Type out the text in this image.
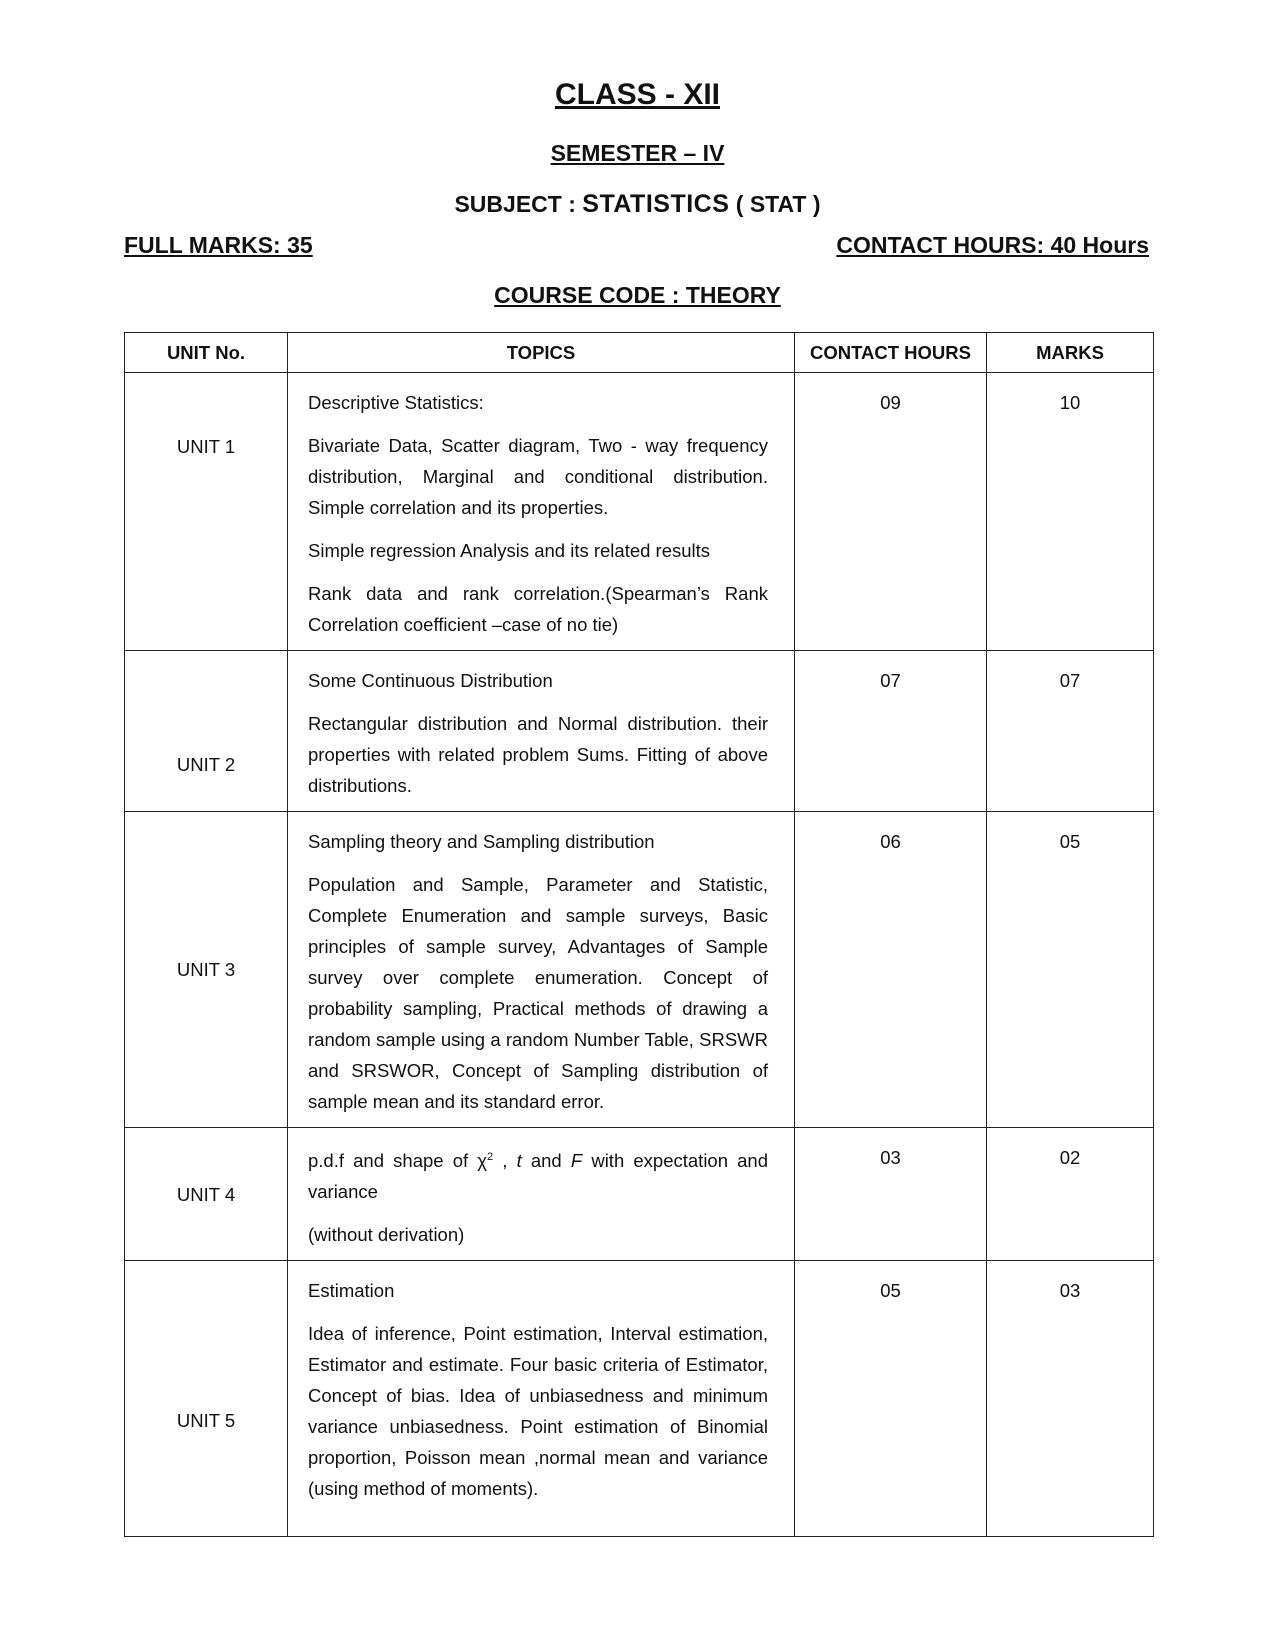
CLASS - XII
SEMESTER – IV
SUBJECT : STATISTICS ( STAT )
FULL MARKS: 35	CONTACT HOURS: 40 Hours
COURSE CODE : THEORY
UNIT No.	TOPICS	CONTACT HOURS	MARKS
UNIT 1	Descriptive Statistics:

Bivariate Data, Scatter diagram, Two - way frequency distribution, Marginal and conditional distribution. Simple correlation and its properties.

Simple regression Analysis and its related results

Rank data and rank correlation.(Spearman’s Rank Correlation coefficient –case of no tie)	09	10
UNIT 2	Some Continuous Distribution

Rectangular distribution and Normal distribution. their properties with related problem Sums. Fitting of above distributions.	07	07
UNIT 3	Sampling theory and Sampling distribution

Population and Sample, Parameter and Statistic, Complete Enumeration and sample surveys, Basic principles of sample survey, Advantages of Sample survey over complete enumeration. Concept of probability sampling, Practical methods of drawing a random sample using a random Number Table, SRSWR and SRSWOR, Concept of Sampling distribution of sample mean and its standard error.	06	05
UNIT 4	p.d.f and shape of $\chi^2$ , t and F with expectation and variance

(without derivation)	03	02
UNIT 5	Estimation

Idea of inference, Point estimation, Interval estimation, Estimator and estimate. Four basic criteria of Estimator, Concept of bias. Idea of unbiasedness and minimum variance unbiasedness. Point estimation of Binomial proportion, Poisson mean ,normal mean and variance (using method of moments).	05	03
